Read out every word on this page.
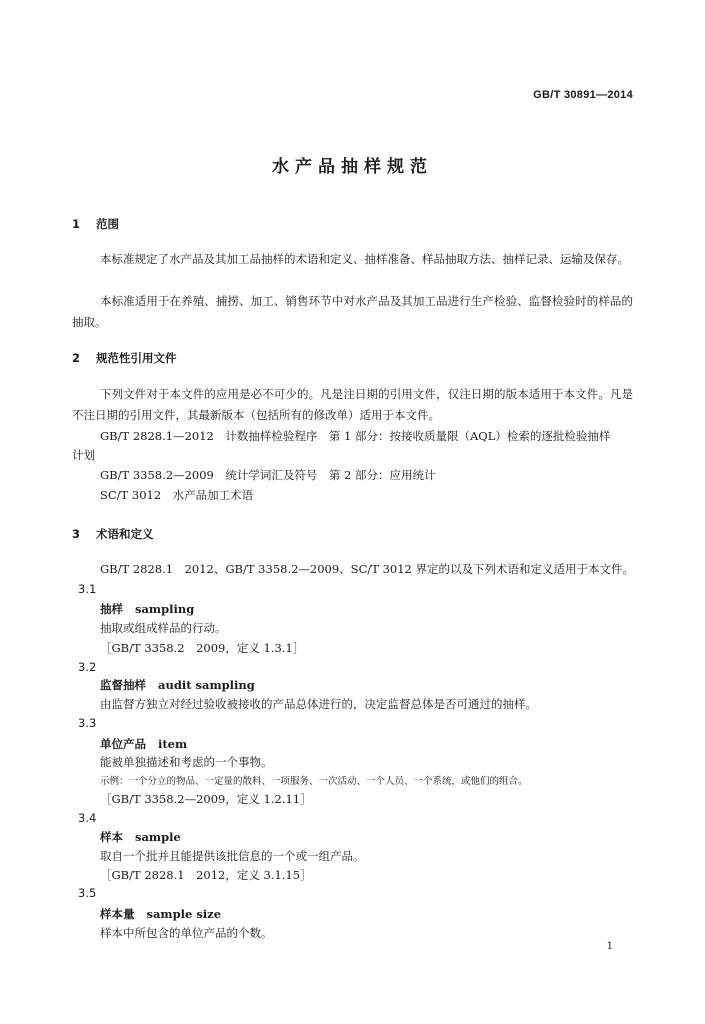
GB/T 30891—2014
水产品抽样规范
1 范围
本标准规定了水产品及其加工品抽样的术语和定义、抽样准备、样品抽取方法、抽样记录、运输及保存。
本标准适用于在养殖、捕捞、加工、销售环节中对水产品及其加工品进行生产检验、监督检验时的样品的抽取。
2 规范性引用文件
下列文件对于本文件的应用是必不可少的。凡是注日期的引用文件，仅注日期的版本适用于本文件。凡是不注日期的引用文件，其最新版本（包括所有的修改单）适用于本文件。
GB/T 2828.1—2012　计数抽样检验程序　第 1 部分：按接收质量限（AQL）检索的逐批检验抽样
计划
GB/T 3358.2—2009　统计学词汇及符号　第 2 部分：应用统计
SC/T 3012　水产品加工术语
3 术语和定义
GB/T 2828.1　2012、GB/T 3358.2—2009、SC/T 3012 界定的以及下列术语和定义适用于本文件。
3.1
抽样 sampling
抽取或组成样品的行动。
［GB/T 3358.2　2009，定义 1.3.1］
3.2
监督抽样 audit sampling
由监督方独立对经过验收被接收的产品总体进行的，决定监督总体是否可通过的抽样。
3.3
单位产品 item
能被单独描述和考虑的一个事物。
示例：一个分立的物品、一定量的散料、一项服务、一次活动、一个人员、一个系统，或他们的组合。
［GB/T 3358.2—2009，定义 1.2.11］
3.4
样本 sample
取自一个批并且能提供该批信息的一个或一组产品。
［GB/T 2828.1　2012，定义 3.1.15］
3.5
样本量 sample size
样本中所包含的单位产品的个数。
1
